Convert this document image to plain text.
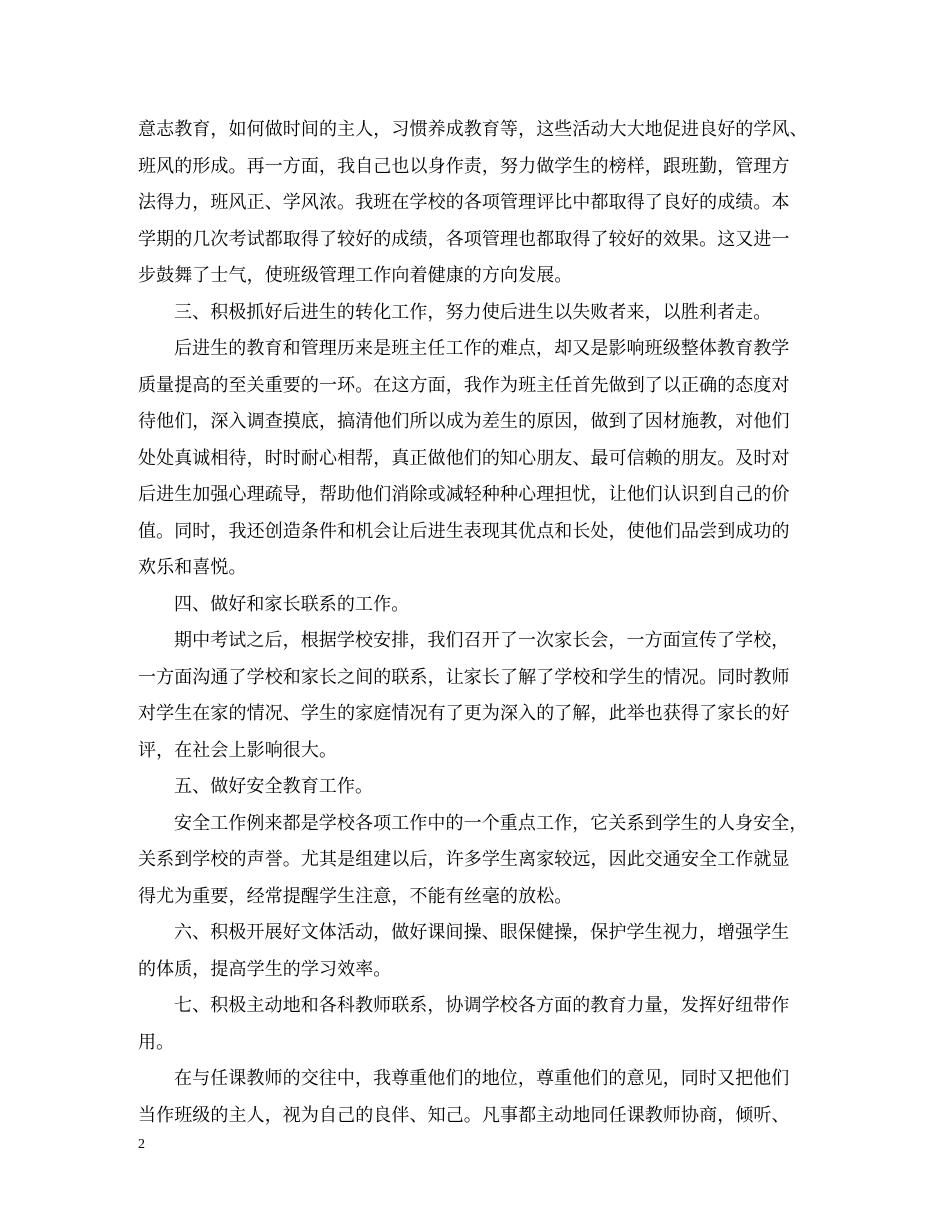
意志教育，如何做时间的主人，习惯养成教育等，这些活动大大地促进良好的学风、
班风的形成。再一方面，我自己也以身作责，努力做学生的榜样，跟班勤，管理方
法得力，班风正、学风浓。我班在学校的各项管理评比中都取得了良好的成绩。本
学期的几次考试都取得了较好的成绩，各项管理也都取得了较好的效果。这又进一
步鼓舞了士气，使班级管理工作向着健康的方向发展。
三、积极抓好后进生的转化工作，努力使后进生以失败者来，以胜利者走。
后进生的教育和管理历来是班主任工作的难点，却又是影响班级整体教育教学
质量提高的至关重要的一环。在这方面，我作为班主任首先做到了以正确的态度对
待他们，深入调查摸底，搞清他们所以成为差生的原因，做到了因材施教，对他们
处处真诚相待，时时耐心相帮，真正做他们的知心朋友、最可信赖的朋友。及时对
后进生加强心理疏导，帮助他们消除或减轻种种心理担忧，让他们认识到自己的价
值。同时，我还创造条件和机会让后进生表现其优点和长处，使他们品尝到成功的
欢乐和喜悦。
四、做好和家长联系的工作。
期中考试之后，根据学校安排，我们召开了一次家长会，一方面宣传了学校，
一方面沟通了学校和家长之间的联系，让家长了解了学校和学生的情况。同时教师
对学生在家的情况、学生的家庭情况有了更为深入的了解，此举也获得了家长的好
评，在社会上影响很大。
五、做好安全教育工作。
安全工作例来都是学校各项工作中的一个重点工作，它关系到学生的人身安全，
关系到学校的声誉。尤其是组建以后，许多学生离家较远，因此交通安全工作就显
得尤为重要，经常提醒学生注意，不能有丝毫的放松。
六、积极开展好文体活动，做好课间操、眼保健操，保护学生视力，增强学生
的体质，提高学生的学习效率。
七、积极主动地和各科教师联系，协调学校各方面的教育力量，发挥好纽带作
用。
在与任课教师的交往中，我尊重他们的地位，尊重他们的意见，同时又把他们
当作班级的主人，视为自己的良伴、知己。凡事都主动地同任课教师协商，倾听、
2
